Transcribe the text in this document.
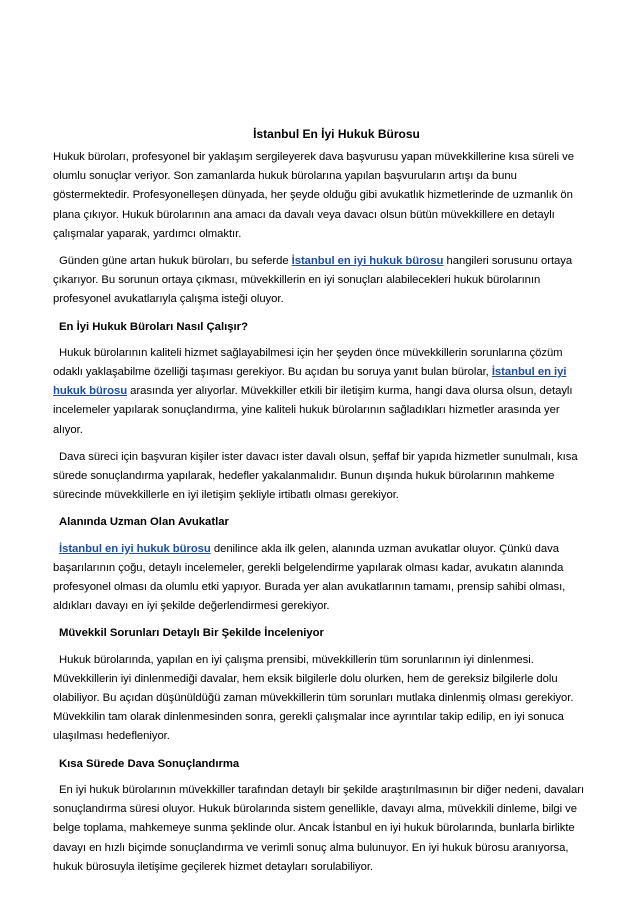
İstanbul En İyi Hukuk Bürosu

Hukuk büroları, profesyonel bir yaklaşım sergileyerek dava başvurusu yapan müvekkillerine kısa süreli ve olumlu sonuçlar veriyor. Son zamanlarda hukuk bürolarına yapılan başvuruların artışı da bunu göstermektedir. Profesyonelleşen dünyada, her şeyde olduğu gibi avukatlık hizmetlerinde de uzmanlık ön plana çıkıyor. Hukuk bürolarının ana amacı da davalı veya davacı olsun bütün müvekkillere en detaylı çalışmalar yaparak, yardımcı olmaktır.

Günden güne artan hukuk büroları, bu seferde İstanbul en iyi hukuk bürosu hangileri sorusunu ortaya çıkarıyor. Bu sorunun ortaya çıkması, müvekkillerin en iyi sonuçları alabilecekleri hukuk bürolarının profesyonel avukatlarıyla çalışma isteği oluyor.

En İyi Hukuk Büroları Nasıl Çalışır?

Hukuk bürolarının kaliteli hizmet sağlayabilmesi için her şeyden önce müvekkillerin sorunlarına çözüm odaklı yaklaşabilme özelliği taşıması gerekiyor. Bu açıdan bu soruya yanıt bulan bürolar, İstanbul en iyi hukuk bürosu arasında yer alıyorlar. Müvekkiller etkili bir iletişim kurma, hangi dava olursa olsun, detaylı incelemeler yapılarak sonuçlandırma, yine kaliteli hukuk bürolarının sağladıkları hizmetler arasında yer alıyor.

Dava süreci için başvuran kişiler ister davacı ister davalı olsun, şeffaf bir yapıda hizmetler sunulmalı, kısa sürede sonuçlandırma yapılarak, hedefler yakalanmalıdır. Bunun dışında hukuk bürolarının mahkeme sürecinde müvekkillerle en iyi iletişim şekliyle irtibatlı olması gerekiyor.

Alanında Uzman Olan Avukatlar

İstanbul en iyi hukuk bürosu denilince akla ilk gelen, alanında uzman avukatlar oluyor. Çünkü dava başarılarının çoğu, detaylı incelemeler, gerekli belgelendirme yapılarak olması kadar, avukatın alanında profesyonel olması da olumlu etki yapıyor. Burada yer alan avukatlarının tamamı, prensip sahibi olması, aldıkları davayı en iyi şekilde değerlendirmesi gerekiyor.

Müvekkil Sorunları Detaylı Bir Şekilde İnceleniyor

Hukuk bürolarında, yapılan en iyi çalışma prensibi, müvekkillerin tüm sorunlarının iyi dinlenmesi. Müvekkillerin iyi dinlenmediği davalar, hem eksik bilgilerle dolu olurken, hem de gereksiz bilgilerle dolu olabiliyor. Bu açıdan düşünüldüğü zaman müvekkillerin tüm sorunları mutlaka dinlenmiş olması gerekiyor. Müvekkilin tam olarak dinlenmesinden sonra, gerekli çalışmalar ince ayrıntılar takip edilip, en iyi sonuca ulaşılması hedefleniyor.

Kısa Sürede Dava Sonuçlandırma

En iyi hukuk bürolarının müvekkiller tarafından detaylı bir şekilde araştırılmasının bir diğer nedeni, davaları sonuçlandırma süresi oluyor. Hukuk bürolarında sistem genellikle, davayı alma, müvekkili dinleme, bilgi ve belge toplama, mahkemeye sunma şeklinde olur. Ancak İstanbul en iyi hukuk bürolarında, bunlarla birlikte davayı en hızlı biçimde sonuçlandırma ve verimli sonuç alma bulunuyor. En iyi hukuk bürosu aranıyorsa, hukuk bürosuyla iletişime geçilerek hizmet detayları sorulabiliyor.
